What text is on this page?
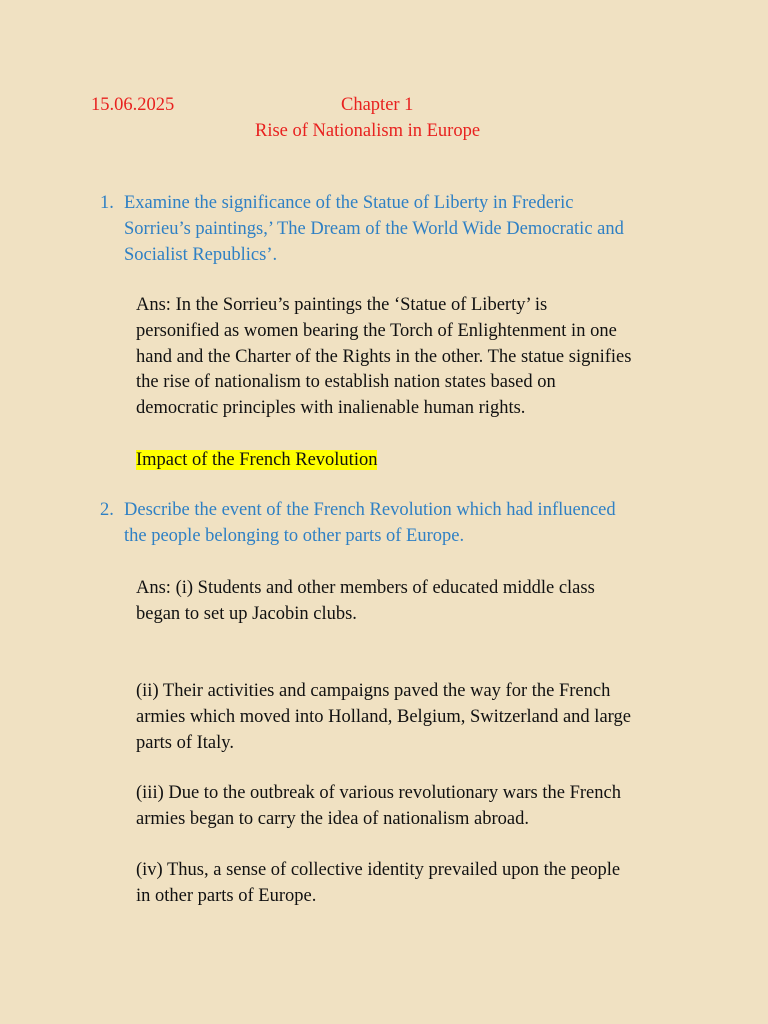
15.06.2025	Chapter 1
Rise of Nationalism in Europe
1. Examine the significance of the Statue of Liberty in Frederic
Sorrieu’s paintings,’ The Dream of the World Wide Democratic and
Socialist Republics’.
Ans: In the Sorrieu’s paintings the ‘Statue of Liberty’ is
personified as women bearing the Torch of Enlightenment in one
hand and the Charter of the Rights in the other. The statue signifies
the rise of nationalism to establish nation states based on
democratic principles with inalienable human rights.
Impact of the French Revolution
2. Describe the event of the French Revolution which had influenced
the people belonging to other parts of Europe.
Ans: (i) Students and other members of educated middle class
began to set up Jacobin clubs.
(ii) Their activities and campaigns paved the way for the French
armies which moved into Holland, Belgium, Switzerland and large
parts of Italy.
(iii) Due to the outbreak of various revolutionary wars the French
armies began to carry the idea of nationalism abroad.
(iv) Thus, a sense of collective identity prevailed upon the people
in other parts of Europe.
